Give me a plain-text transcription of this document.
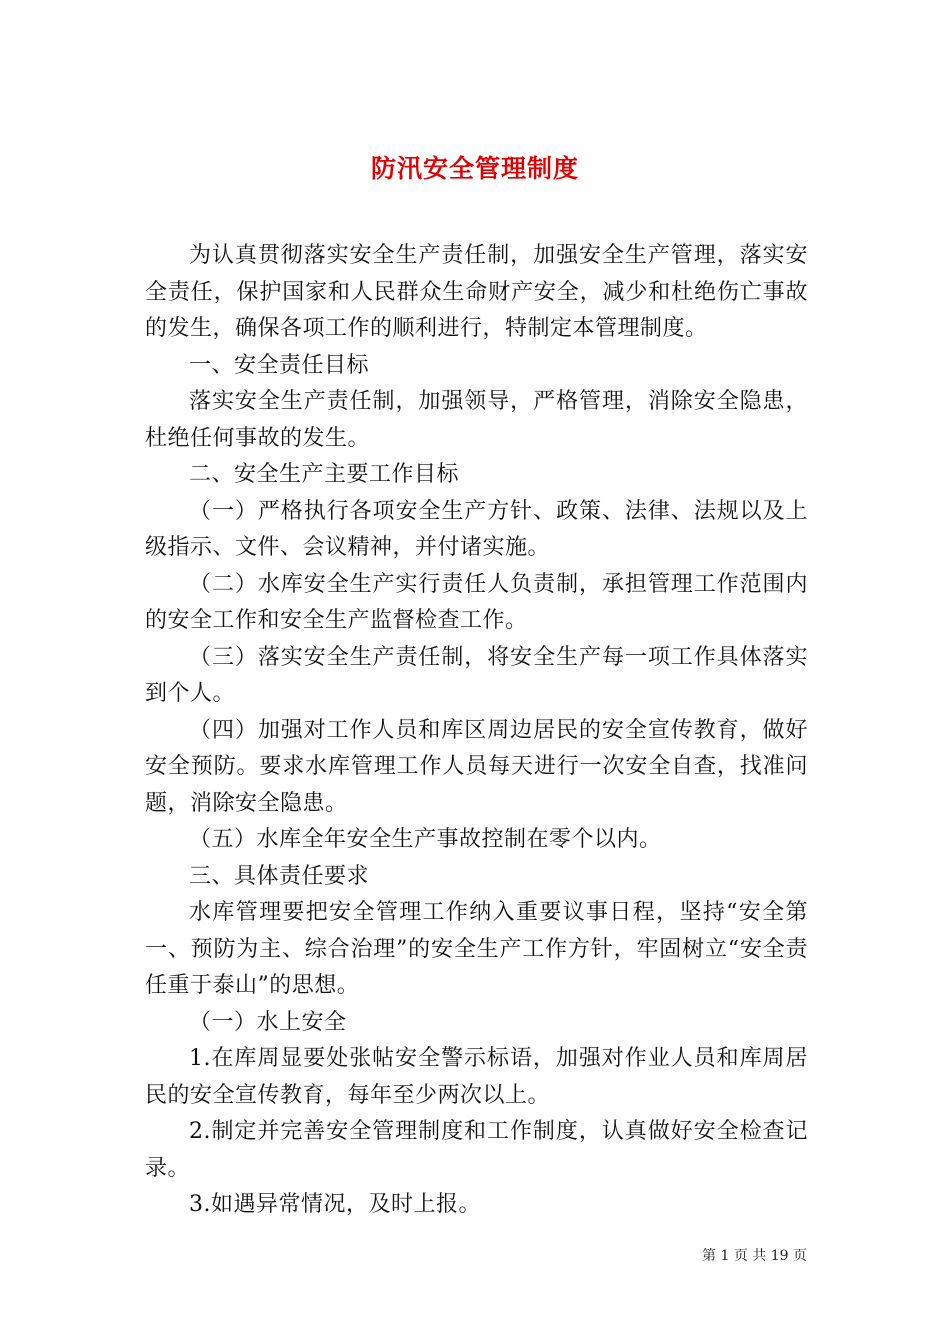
防汛安全管理制度

为认真贯彻落实安全生产责任制，加强安全生产管理，落实安全责任，保护国家和人民群众生命财产安全，减少和杜绝伤亡事故的发生，确保各项工作的顺利进行，特制定本管理制度。

一、安全责任目标

落实安全生产责任制，加强领导，严格管理，消除安全隐患，杜绝任何事故的发生。

二、安全生产主要工作目标

（一）严格执行各项安全生产方针、政策、法律、法规以及上级指示、文件、会议精神，并付诸实施。

（二）水库安全生产实行责任人负责制，承担管理工作范围内的安全工作和安全生产监督检查工作。

（三）落实安全生产责任制，将安全生产每一项工作具体落实到个人。

（四）加强对工作人员和库区周边居民的安全宣传教育，做好安全预防。要求水库管理工作人员每天进行一次安全自查，找准问题，消除安全隐患。

（五）水库全年安全生产事故控制在零个以内。

三、具体责任要求

水库管理要把安全管理工作纳入重要议事日程，坚持“安全第 一、预防为主、综合治理”的安全生产工作方针，牢固树立“安全责任重于泰山”的思想。

（一）水上安全

1.在库周显要处张帖安全警示标语，加强对作业人员和库周居民的安全宣传教育，每年至少两次以上。

2.制定并完善安全管理制度和工作制度，认真做好安全检查记录。

3.如遇异常情况，及时上报。

第 1 页 共 19 页
